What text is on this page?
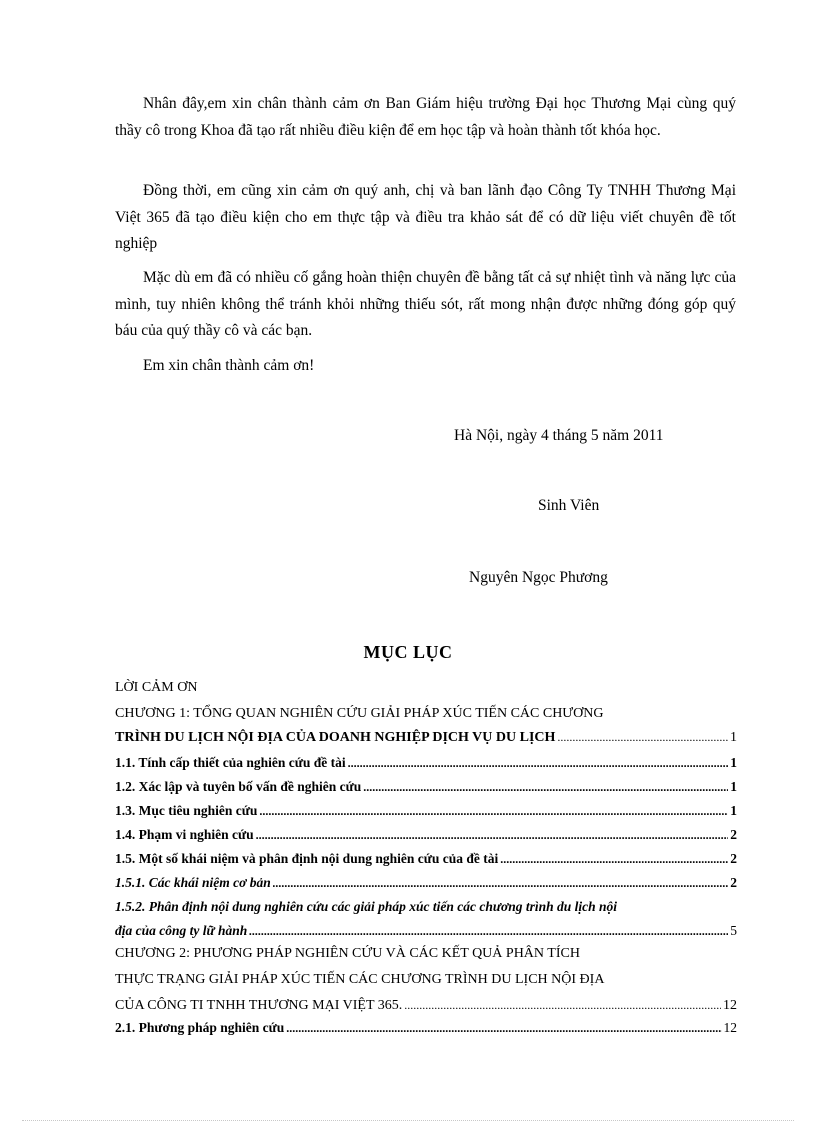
Nhân đây,em xin chân thành cảm ơn Ban Giám hiệu trường Đại học Thương Mại cùng quý thầy cô trong Khoa đã tạo rất nhiều điều kiện để em học tập và hoàn thành tốt khóa học.

Đồng thời, em cũng xin cảm ơn quý anh, chị và ban lãnh đạo Công Ty TNHH Thương Mại Việt 365 đã tạo điều kiện cho em thực tập và điều tra khảo sát để có dữ liệu viết chuyên đề tốt nghiệp

Mặc dù em đã có nhiều cố gắng hoàn thiện chuyên đề bằng tất cả sự nhiệt tình và năng lực của mình, tuy nhiên không thể tránh khỏi những thiếu sót, rất mong nhận được những đóng góp quý báu của quý thầy cô và các bạn.

Em xin chân thành cảm ơn!

Hà Nội, ngày 4 tháng 5 năm 2011
Sinh Viên
Nguyên Ngọc Phương
MỤC LỤC
LỜI CẢM ƠN
CHƯƠNG 1: TỔNG QUAN NGHIÊN CỨU GIẢI PHÁP XÚC TIẾN CÁC CHƯƠNG
TRÌNH DU LỊCH NỘI ĐỊA CỦA DOANH NGHIỆP DỊCH VỤ DU LỊCH .....	1
1.1. Tính cấp thiết của nghiên cứu đề tài .....	1
1.2. Xác lập và tuyên bố vấn đề nghiên cứu .....	1
1.3. Mục tiêu nghiên cứu .....	1
1.4. Phạm vi nghiên cứu .....	2
1.5. Một số khái niệm và phân định nội dung nghiên cứu của đề tài .....	2
1.5.1. Các khái niệm cơ bản .....	2
1.5.2. Phân định nội dung nghiên cứu các giải pháp xúc tiến các chương trình du lịch nội
địa của công ty lữ hành .....	5
CHƯƠNG 2: PHƯƠNG PHÁP NGHIÊN CỨU VÀ CÁC KẾT QUẢ PHÂN TÍCH
THỰC TRẠNG GIẢI PHÁP XÚC TIẾN CÁC CHƯƠNG TRÌNH DU LỊCH NỘI ĐỊA
CỦA CÔNG TI TNHH THƯƠNG MẠI VIỆT 365. .....	12
2.1. Phương pháp nghiên cứu .....	12
